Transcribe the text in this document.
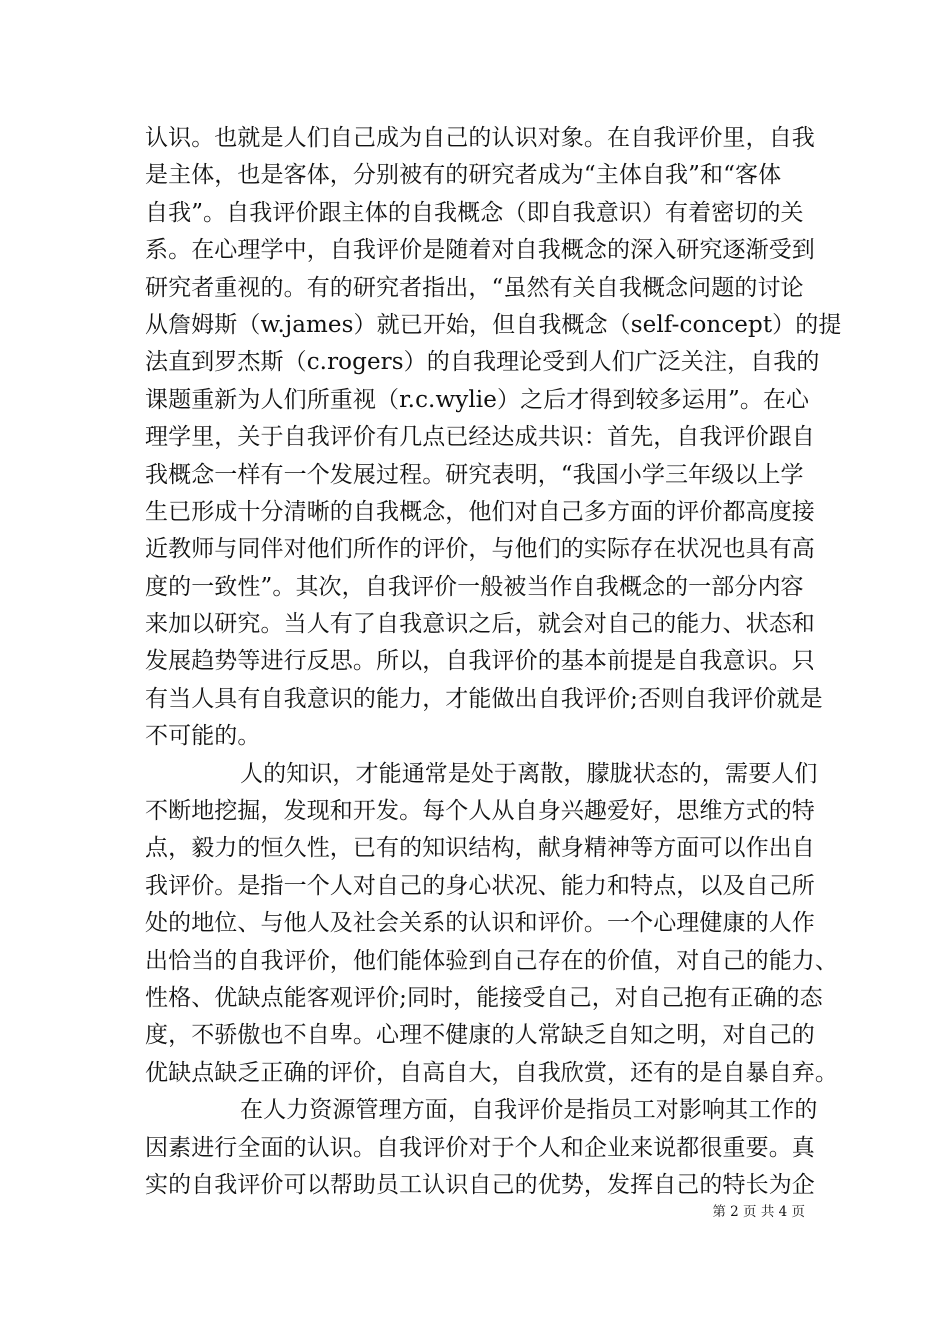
认识。也就是人们自己成为自己的认识对象。在自我评价里，自我
是主体，也是客体，分别被有的研究者成为“主体自我”和“客体
自我”。自我评价跟主体的自我概念（即自我意识）有着密切的关
系。在心理学中，自我评价是随着对自我概念的深入研究逐渐受到
研究者重视的。有的研究者指出，“虽然有关自我概念问题的讨论
从詹姆斯（w.james）就已开始，但自我概念（self-concept）的提
法直到罗杰斯（c.rogers）的自我理论受到人们广泛关注，自我的
课题重新为人们所重视（r.c.wylie）之后才得到较多运用”。在心
理学里，关于自我评价有几点已经达成共识：首先，自我评价跟自
我概念一样有一个发展过程。研究表明，“我国小学三年级以上学
生已形成十分清晰的自我概念，他们对自己多方面的评价都高度接
近教师与同伴对他们所作的评价，与他们的实际存在状况也具有高
度的一致性”。其次，自我评价一般被当作自我概念的一部分内容
来加以研究。当人有了自我意识之后，就会对自己的能力、状态和
发展趋势等进行反思。所以，自我评价的基本前提是自我意识。只
有当人具有自我意识的能力，才能做出自我评价;否则自我评价就是
不可能的。
人的知识，才能通常是处于离散，朦胧状态的，需要人们
不断地挖掘，发现和开发。每个人从自身兴趣爱好，思维方式的特
点，毅力的恒久性，已有的知识结构，献身精神等方面可以作出自
我评价。是指一个人对自己的身心状况、能力和特点，以及自己所
处的地位、与他人及社会关系的认识和评价。一个心理健康的人作
出恰当的自我评价，他们能体验到自己存在的价值，对自己的能力、
性格、优缺点能客观评价;同时，能接受自己，对自己抱有正确的态
度，不骄傲也不自卑。心理不健康的人常缺乏自知之明，对自己的
优缺点缺乏正确的评价，自高自大，自我欣赏，还有的是自暴自弃。
在人力资源管理方面，自我评价是指员工对影响其工作的
因素进行全面的认识。自我评价对于个人和企业来说都很重要。真
实的自我评价可以帮助员工认识自己的优势，发挥自己的特长为企
第 2 页 共 4 页
